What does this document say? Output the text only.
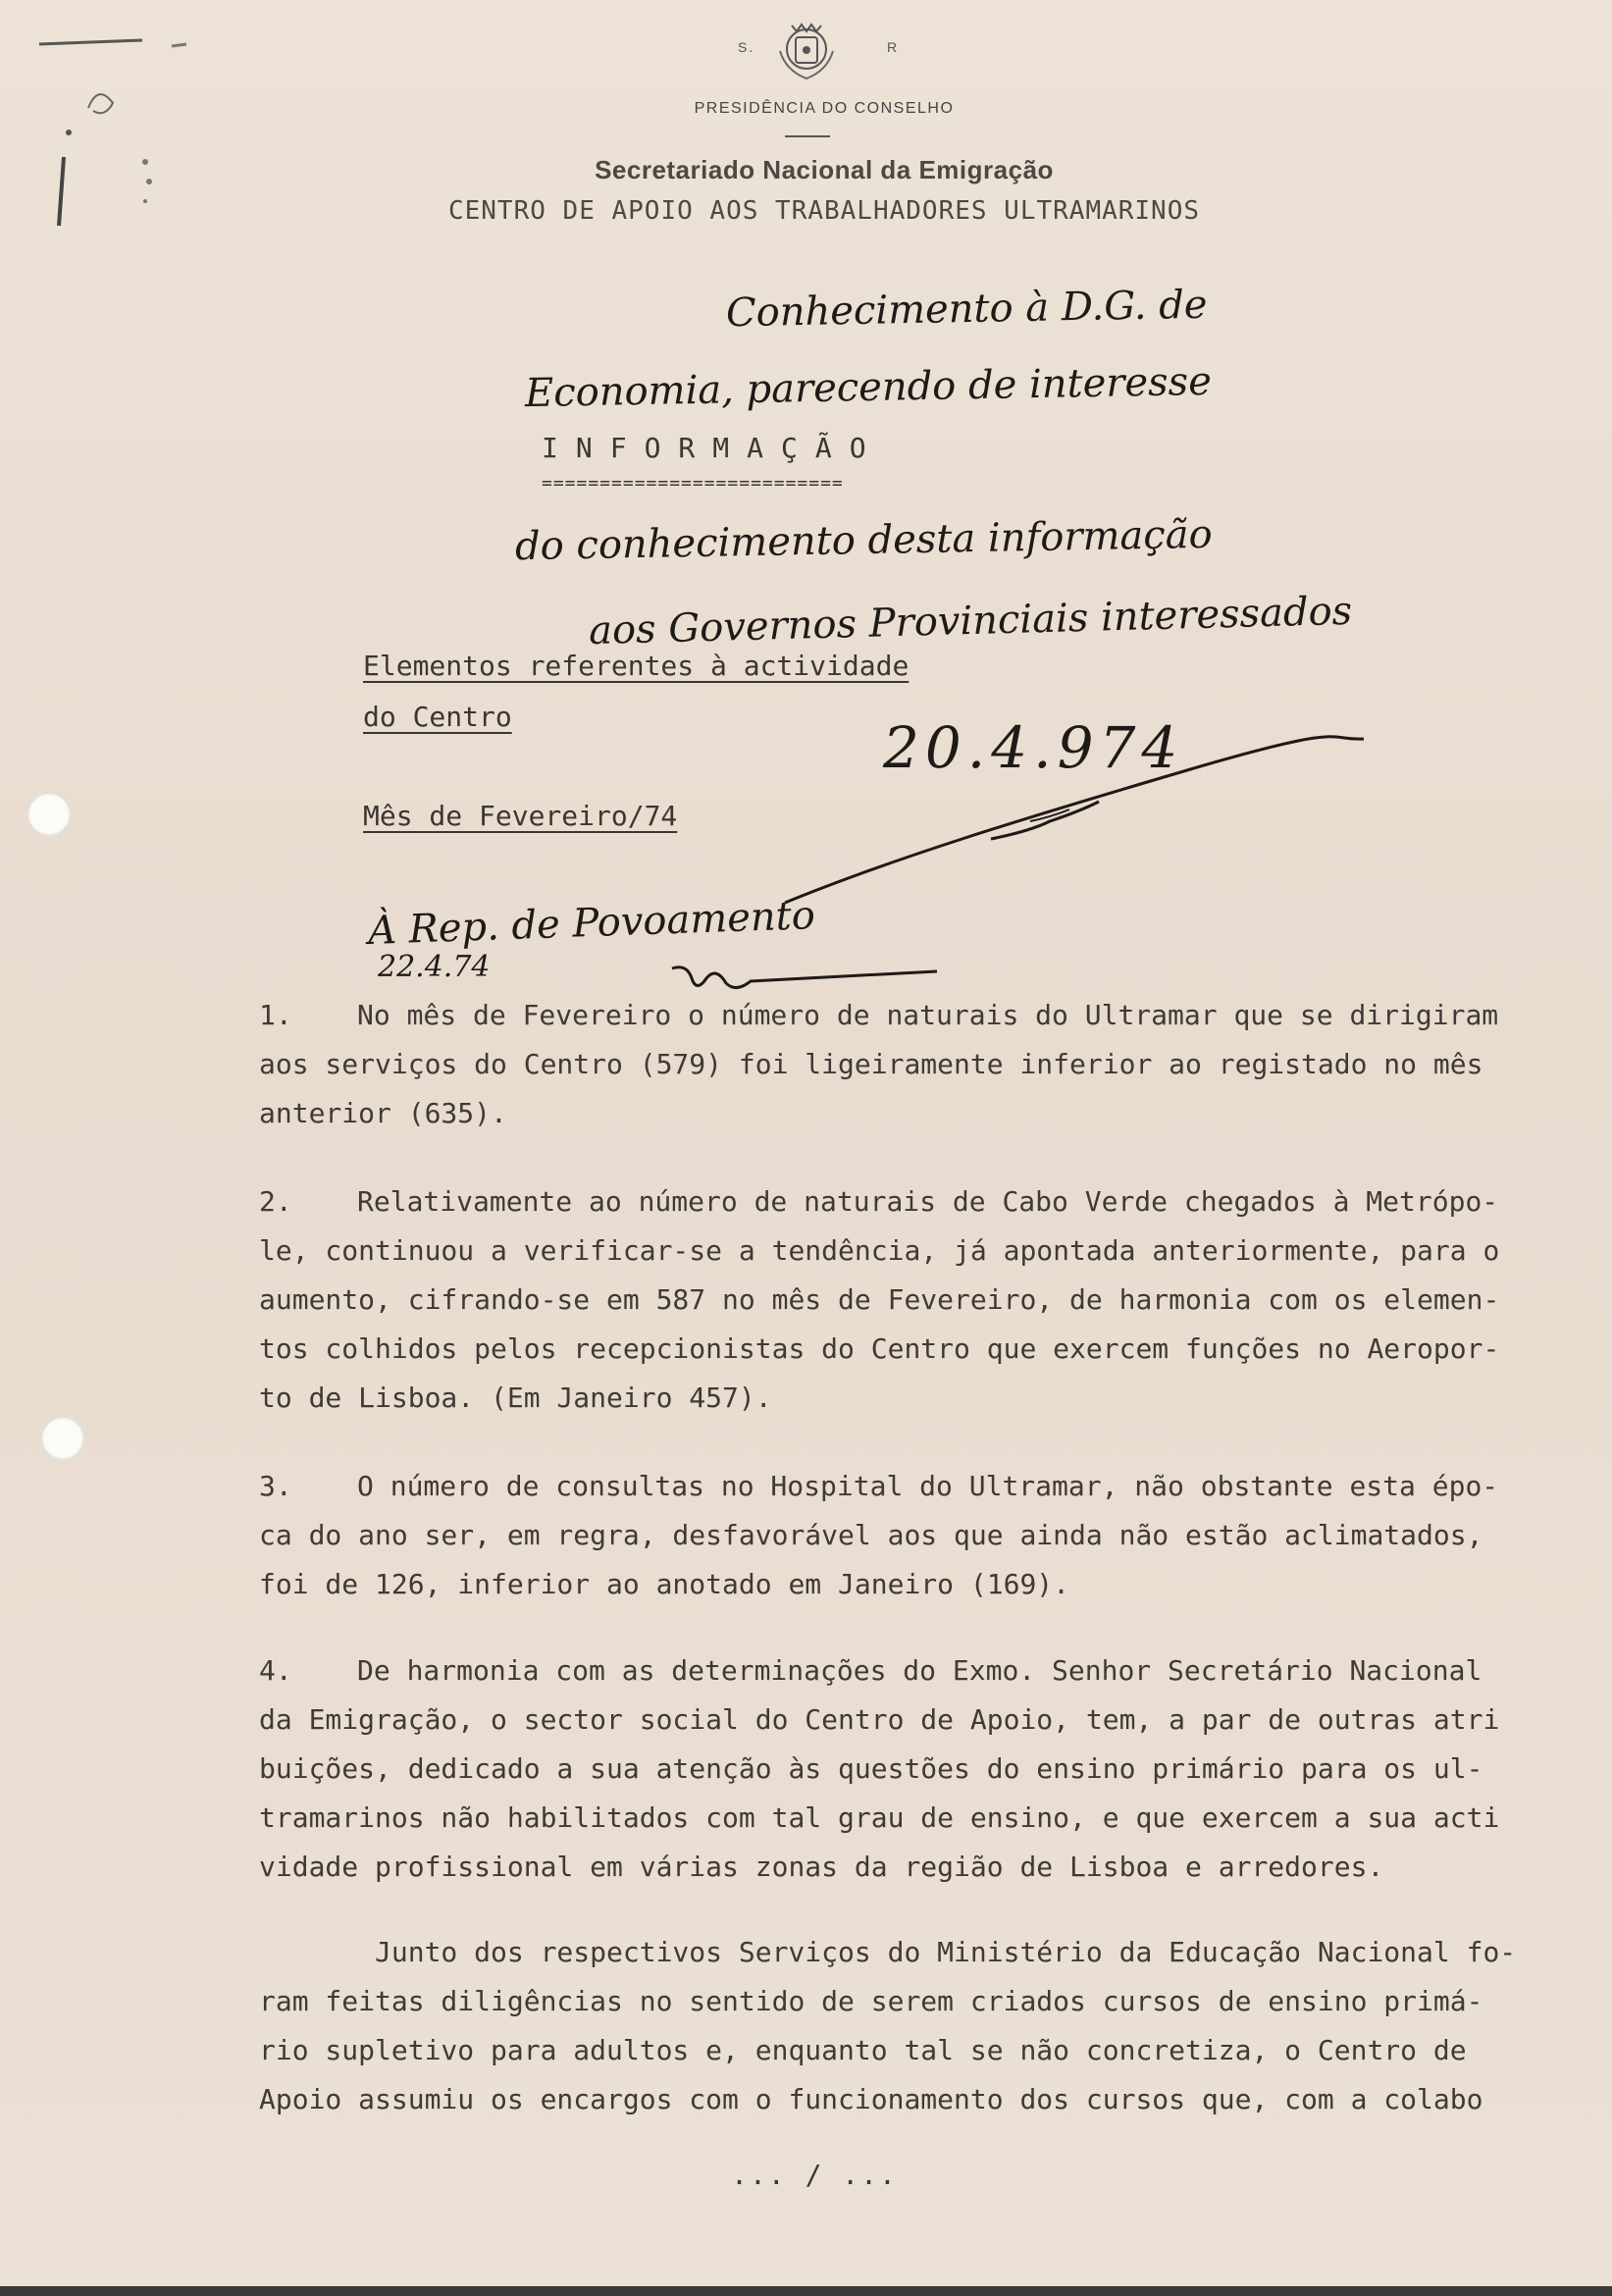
S.	R
PRESIDÊNCIA DO CONSELHO
Secretariado Nacional da Emigração
CENTRO DE APOIO AOS TRABALHADORES ULTRAMARINOS
Conhecimento à D.G. de
Economia, parecendo de interesse
INFORMAÇÃO
==========================
do conhecimento desta informação
aos Governos Provinciais interessados
Elementos referentes à actividade
do Centro
Mês de Fevereiro/74
20.4.974
À Rep. de Povoamento
22.4.74
1. No mês de Fevereiro o número de naturais do Ultramar que se dirigiram
aos serviços do Centro (579) foi ligeiramente inferior ao registado no mês
anterior (635).
2. Relativamente ao número de naturais de Cabo Verde chegados à Metrópo-
le, continuou a verificar-se a tendência, já apontada anteriormente, para o
aumento, cifrando-se em 587 no mês de Fevereiro, de harmonia com os elemen-
tos colhidos pelos recepcionistas do Centro que exercem funções no Aeropor-
to de Lisboa. (Em Janeiro 457).
3. O número de consultas no Hospital do Ultramar, não obstante esta épo-
ca do ano ser, em regra, desfavorável aos que ainda não estão aclimatados,
foi de 126, inferior ao anotado em Janeiro (169).
4. De harmonia com as determinações do Exmo. Senhor Secretário Nacional
da Emigração, o sector social do Centro de Apoio, tem, a par de outras atri
buições, dedicado a sua atenção às questões do ensino primário para os ul-
tramarinos não habilitados com tal grau de ensino, e que exercem a sua acti
vidade profissional em várias zonas da região de Lisboa e arredores.
Junto dos respectivos Serviços do Ministério da Educação Nacional fo-
ram feitas diligências no sentido de serem criados cursos de ensino primá-
rio supletivo para adultos e, enquanto tal se não concretiza, o Centro de
Apoio assumiu os encargos com o funcionamento dos cursos que, com a colabo
... / ...
